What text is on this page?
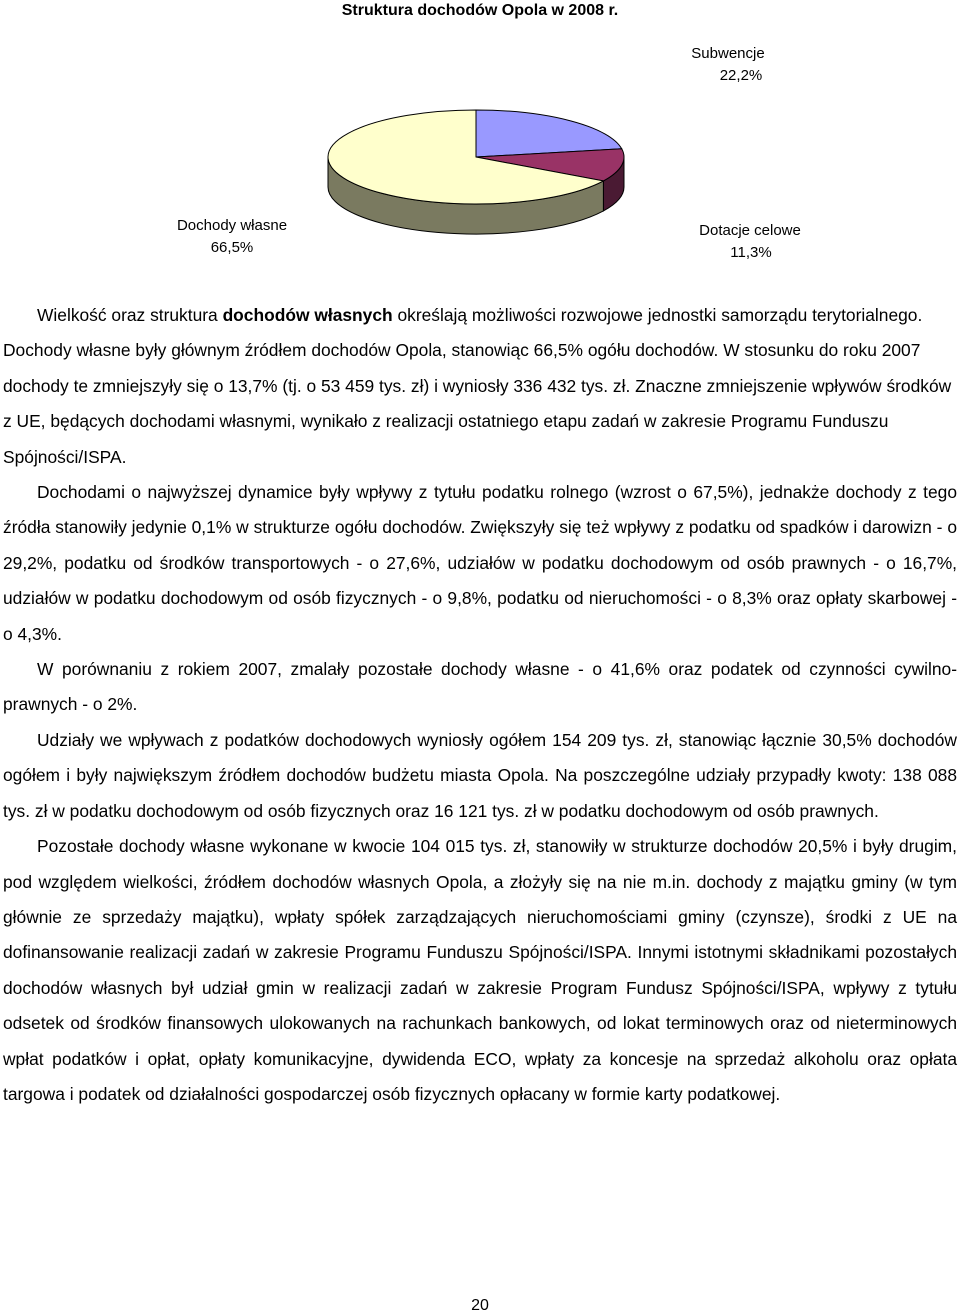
Struktura dochodów Opola w 2008 r.
Subwencje
22,2%
Dotacje celowe
11,3%
Dochody własne
66,5%

Wielkość oraz struktura dochodów własnych określają możliwości rozwojowe jednostki samorządu terytorialnego. Dochody własne były głównym źródłem dochodów Opola, stanowiąc 66,5% ogółu dochodów. W stosunku do roku 2007 dochody te zmniejszyły się o 13,7% (tj. o 53 459 tys. zł) i wyniosły 336 432 tys. zł. Znaczne zmniejszenie wpływów środków z UE, będących dochodami własnymi, wynikało z realizacji ostatniego etapu zadań w zakresie Programu Funduszu Spójności/ISPA.

Dochodami o najwyższej dynamice były wpływy z tytułu podatku rolnego (wzrost o 67,5%), jednakże dochody z tego źródła stanowiły jedynie 0,1% w strukturze ogółu dochodów. Zwiększyły się też wpływy z podatku od spadków i darowizn - o 29,2%, podatku od środków transportowych - o 27,6%, udziałów w podatku dochodowym od osób prawnych - o 16,7%, udziałów w podatku dochodowym od osób fizycznych - o 9,8%, podatku od nieruchomości - o 8,3% oraz opłaty skarbowej - o 4,3%.

W porównaniu z rokiem 2007, zmalały pozostałe dochody własne - o 41,6% oraz podatek od czynności cywilno-prawnych - o 2%.

Udziały we wpływach z podatków dochodowych wyniosły ogółem 154 209 tys. zł, stanowiąc łącznie 30,5% dochodów ogółem i były największym źródłem dochodów budżetu miasta Opola. Na poszczególne udziały przypadły kwoty: 138 088 tys. zł w podatku dochodowym od osób fizycznych oraz 16 121 tys. zł w podatku dochodowym od osób prawnych.

Pozostałe dochody własne wykonane w kwocie 104 015 tys. zł, stanowiły w strukturze dochodów 20,5% i były drugim, pod względem wielkości, źródłem dochodów własnych Opola, a złożyły się na nie m.in. dochody z majątku gminy (w tym głównie ze sprzedaży majątku), wpłaty spółek zarządzających nieruchomościami gminy (czynsze), środki z UE na dofinansowanie realizacji zadań w zakresie Programu Funduszu Spójności/ISPA. Innymi istotnymi składnikami pozostałych dochodów własnych był udział gmin w realizacji zadań w zakresie Program Fundusz Spójności/ISPA, wpływy z tytułu odsetek od środków finansowych ulokowanych na rachunkach bankowych, od lokat terminowych oraz od nieterminowych wpłat podatków i opłat, opłaty komunikacyjne, dywidenda ECO, wpłaty za koncesje na sprzedaż alkoholu oraz opłata targowa i podatek od działalności gospodarczej osób fizycznych opłacany w formie karty podatkowej.

20
